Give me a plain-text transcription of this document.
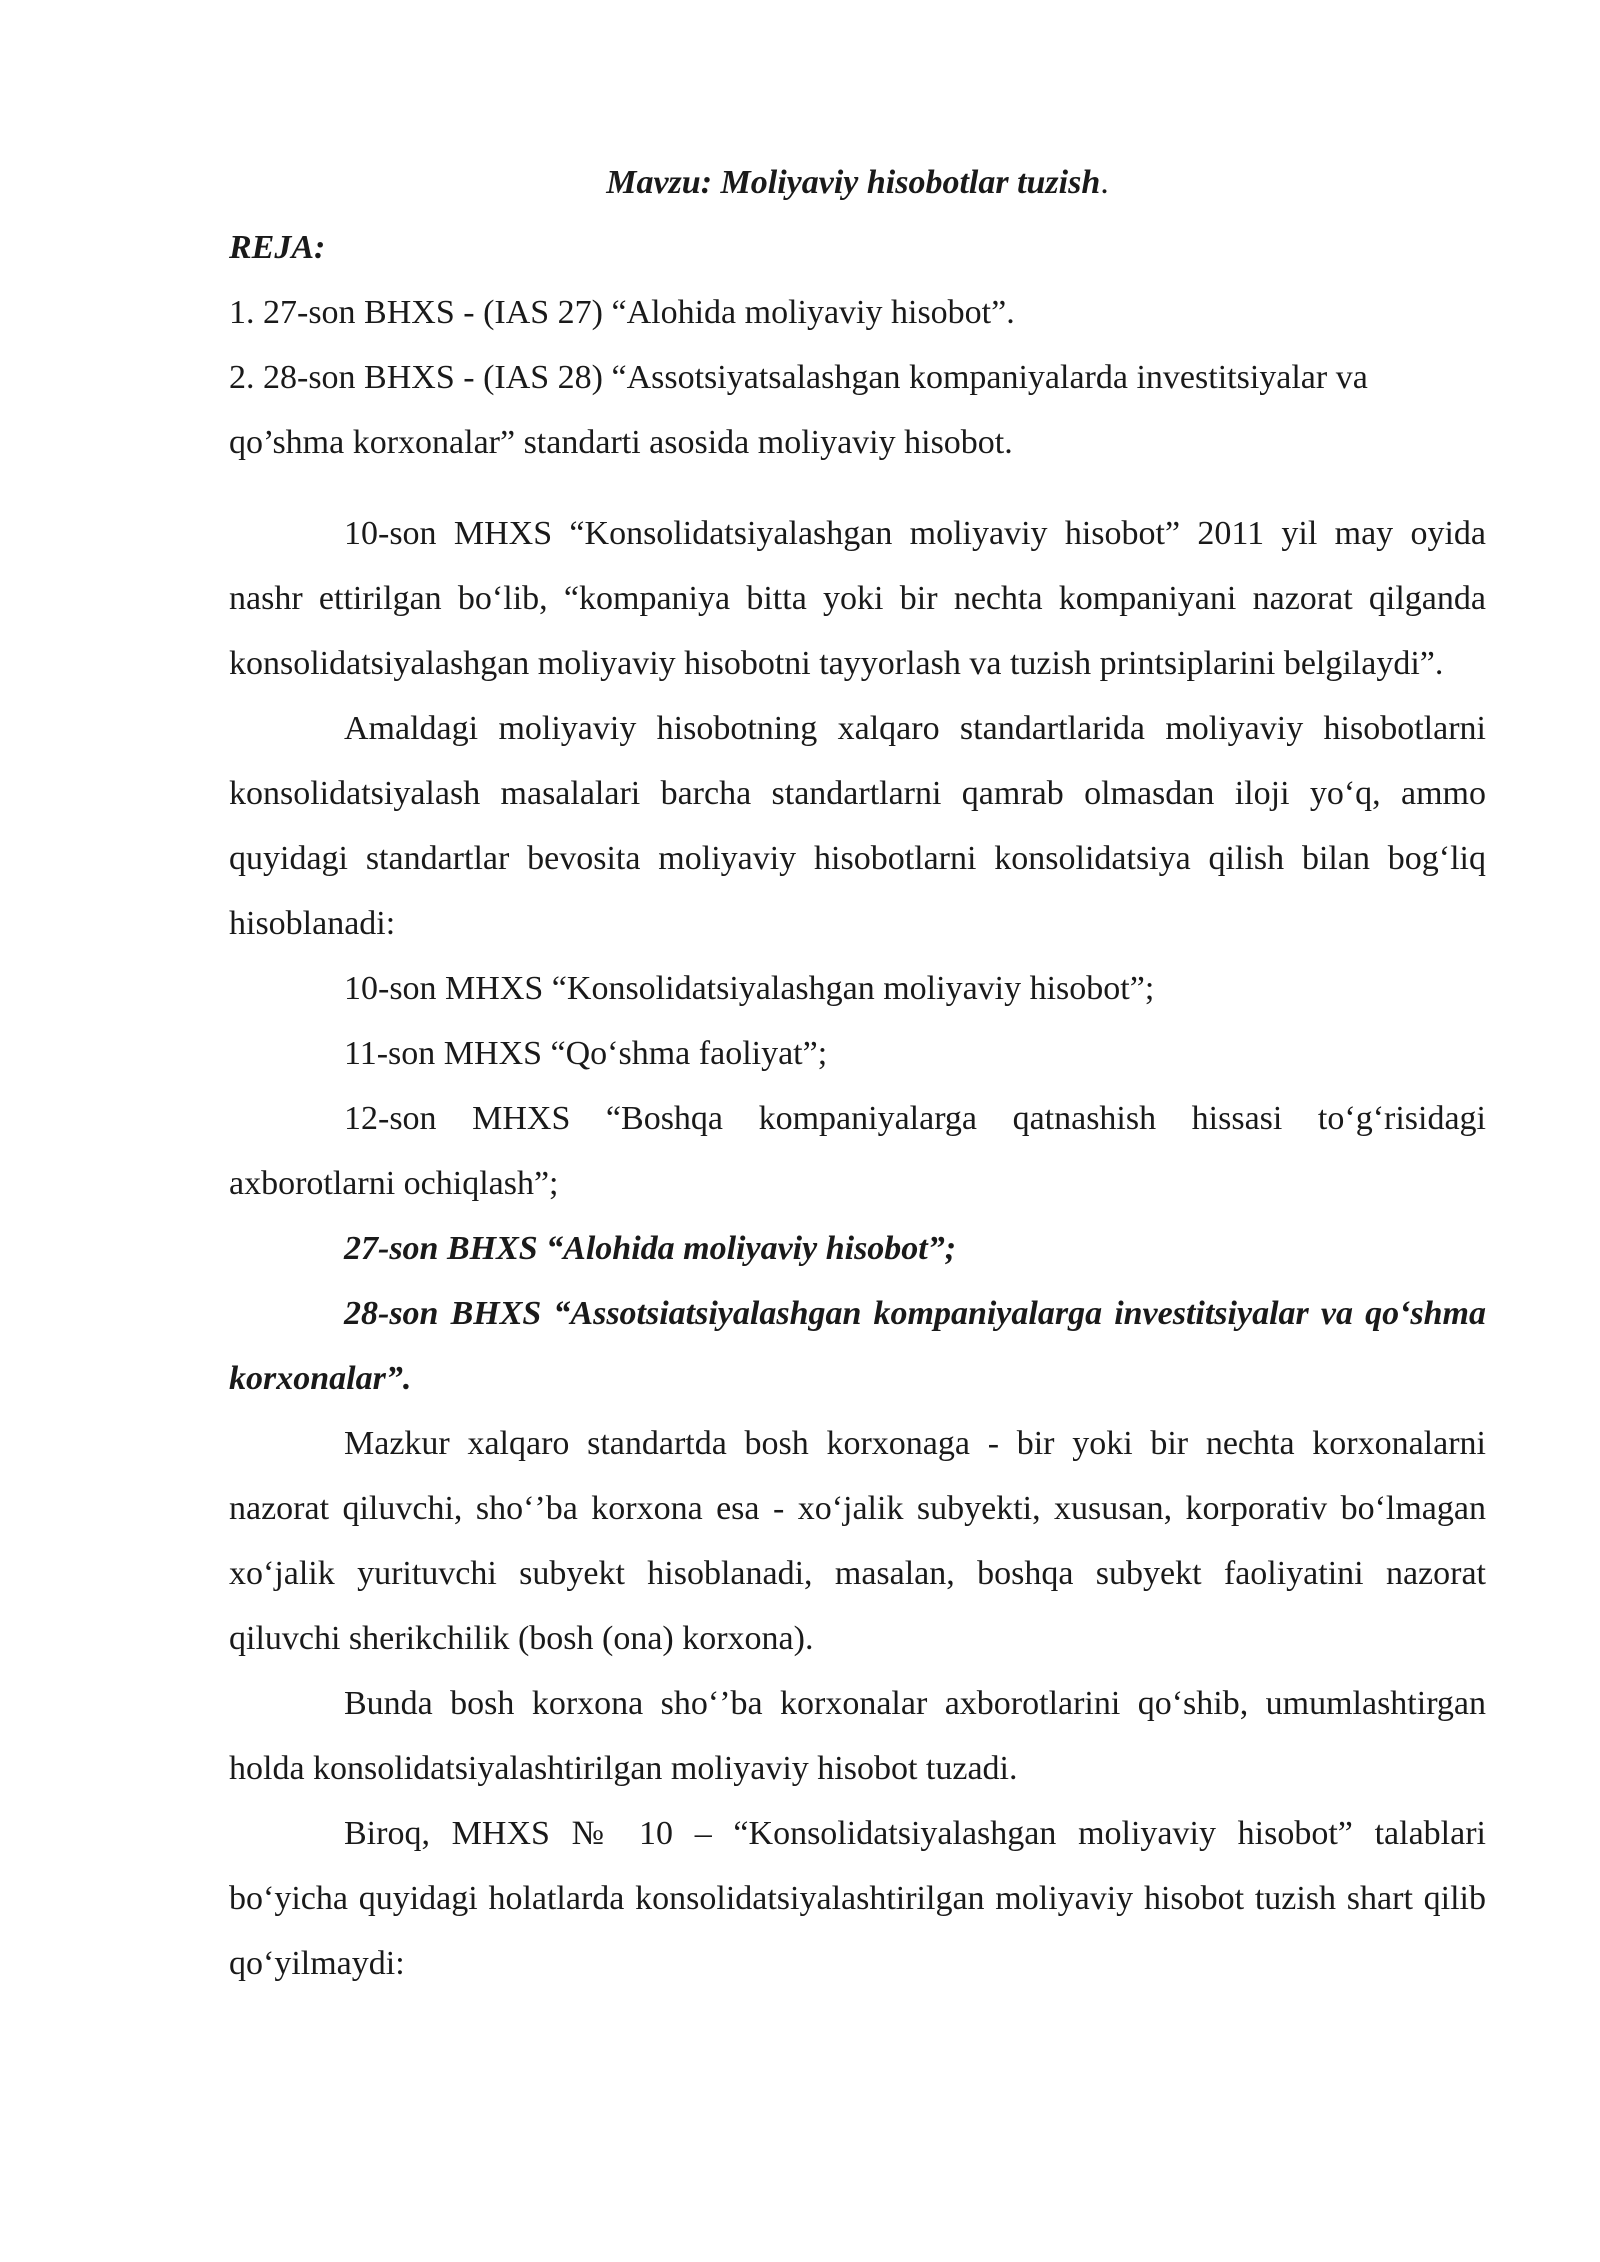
Mavzu: Moliyaviy hisobotlar tuzish.

REJA:

1. 27-son BHXS - (IAS 27) “Alohida moliyaviy hisobot”.

2. 28-son BHXS - (IAS 28) “Assotsiyatsalashgan kompaniyalarda investitsiyalar va qo’shma korxonalar” standarti asosida moliyaviy hisobot.

10-son MHXS “Konsolidatsiyalashgan moliyaviy hisobot” 2011 yil may oyida nashr ettirilgan bo‘lib, “kompaniya bitta yoki bir nechta kompaniyani nazorat qilganda konsolidatsiyalashgan moliyaviy hisobotni tayyorlash va tuzish printsiplarini belgilaydi”.

Amaldagi moliyaviy hisobotning xalqaro standartlarida moliyaviy hisobotlarni konsolidatsiyalash masalalari barcha standartlarni qamrab olmasdan iloji yo‘q, ammo quyidagi standartlar bevosita moliyaviy hisobotlarni konsolidatsiya qilish bilan bog‘liq hisoblanadi:

10-son MHXS “Konsolidatsiyalashgan moliyaviy hisobot”;

11-son MHXS “Qo‘shma faoliyat”;

12-son MHXS “Boshqa kompaniyalarga qatnashish hissasi to‘g‘risidagi axborotlarni ochiqlash”;

27-son BHXS “Alohida moliyaviy hisobot”;

28-son BHXS “Assotsiatsiyalashgan kompaniyalarga investitsiyalar va qo‘shma korxonalar”.

Mazkur xalqaro standartda bosh korxonaga - bir yoki bir nechta korxonalarni nazorat qiluvchi, sho‘’ba korxona esa - xo‘jalik subyekti, xususan, korporativ bo‘lmagan xo‘jalik yurituvchi subyekt hisoblanadi, masalan, boshqa subyekt faoliyatini nazorat qiluvchi sherikchilik (bosh (ona) korxona).

Bunda bosh korxona sho‘’ba korxonalar axborotlarini qo‘shib, umumlashtirgan holda konsolidatsiyalashtirilgan moliyaviy hisobot tuzadi.

Biroq, MHXS № 10 – “Konsolidatsiyalashgan moliyaviy hisobot” talablari bo‘yicha quyidagi holatlarda konsolidatsiyalashtirilgan moliyaviy hisobot tuzish shart qilib qo‘yilmaydi:
